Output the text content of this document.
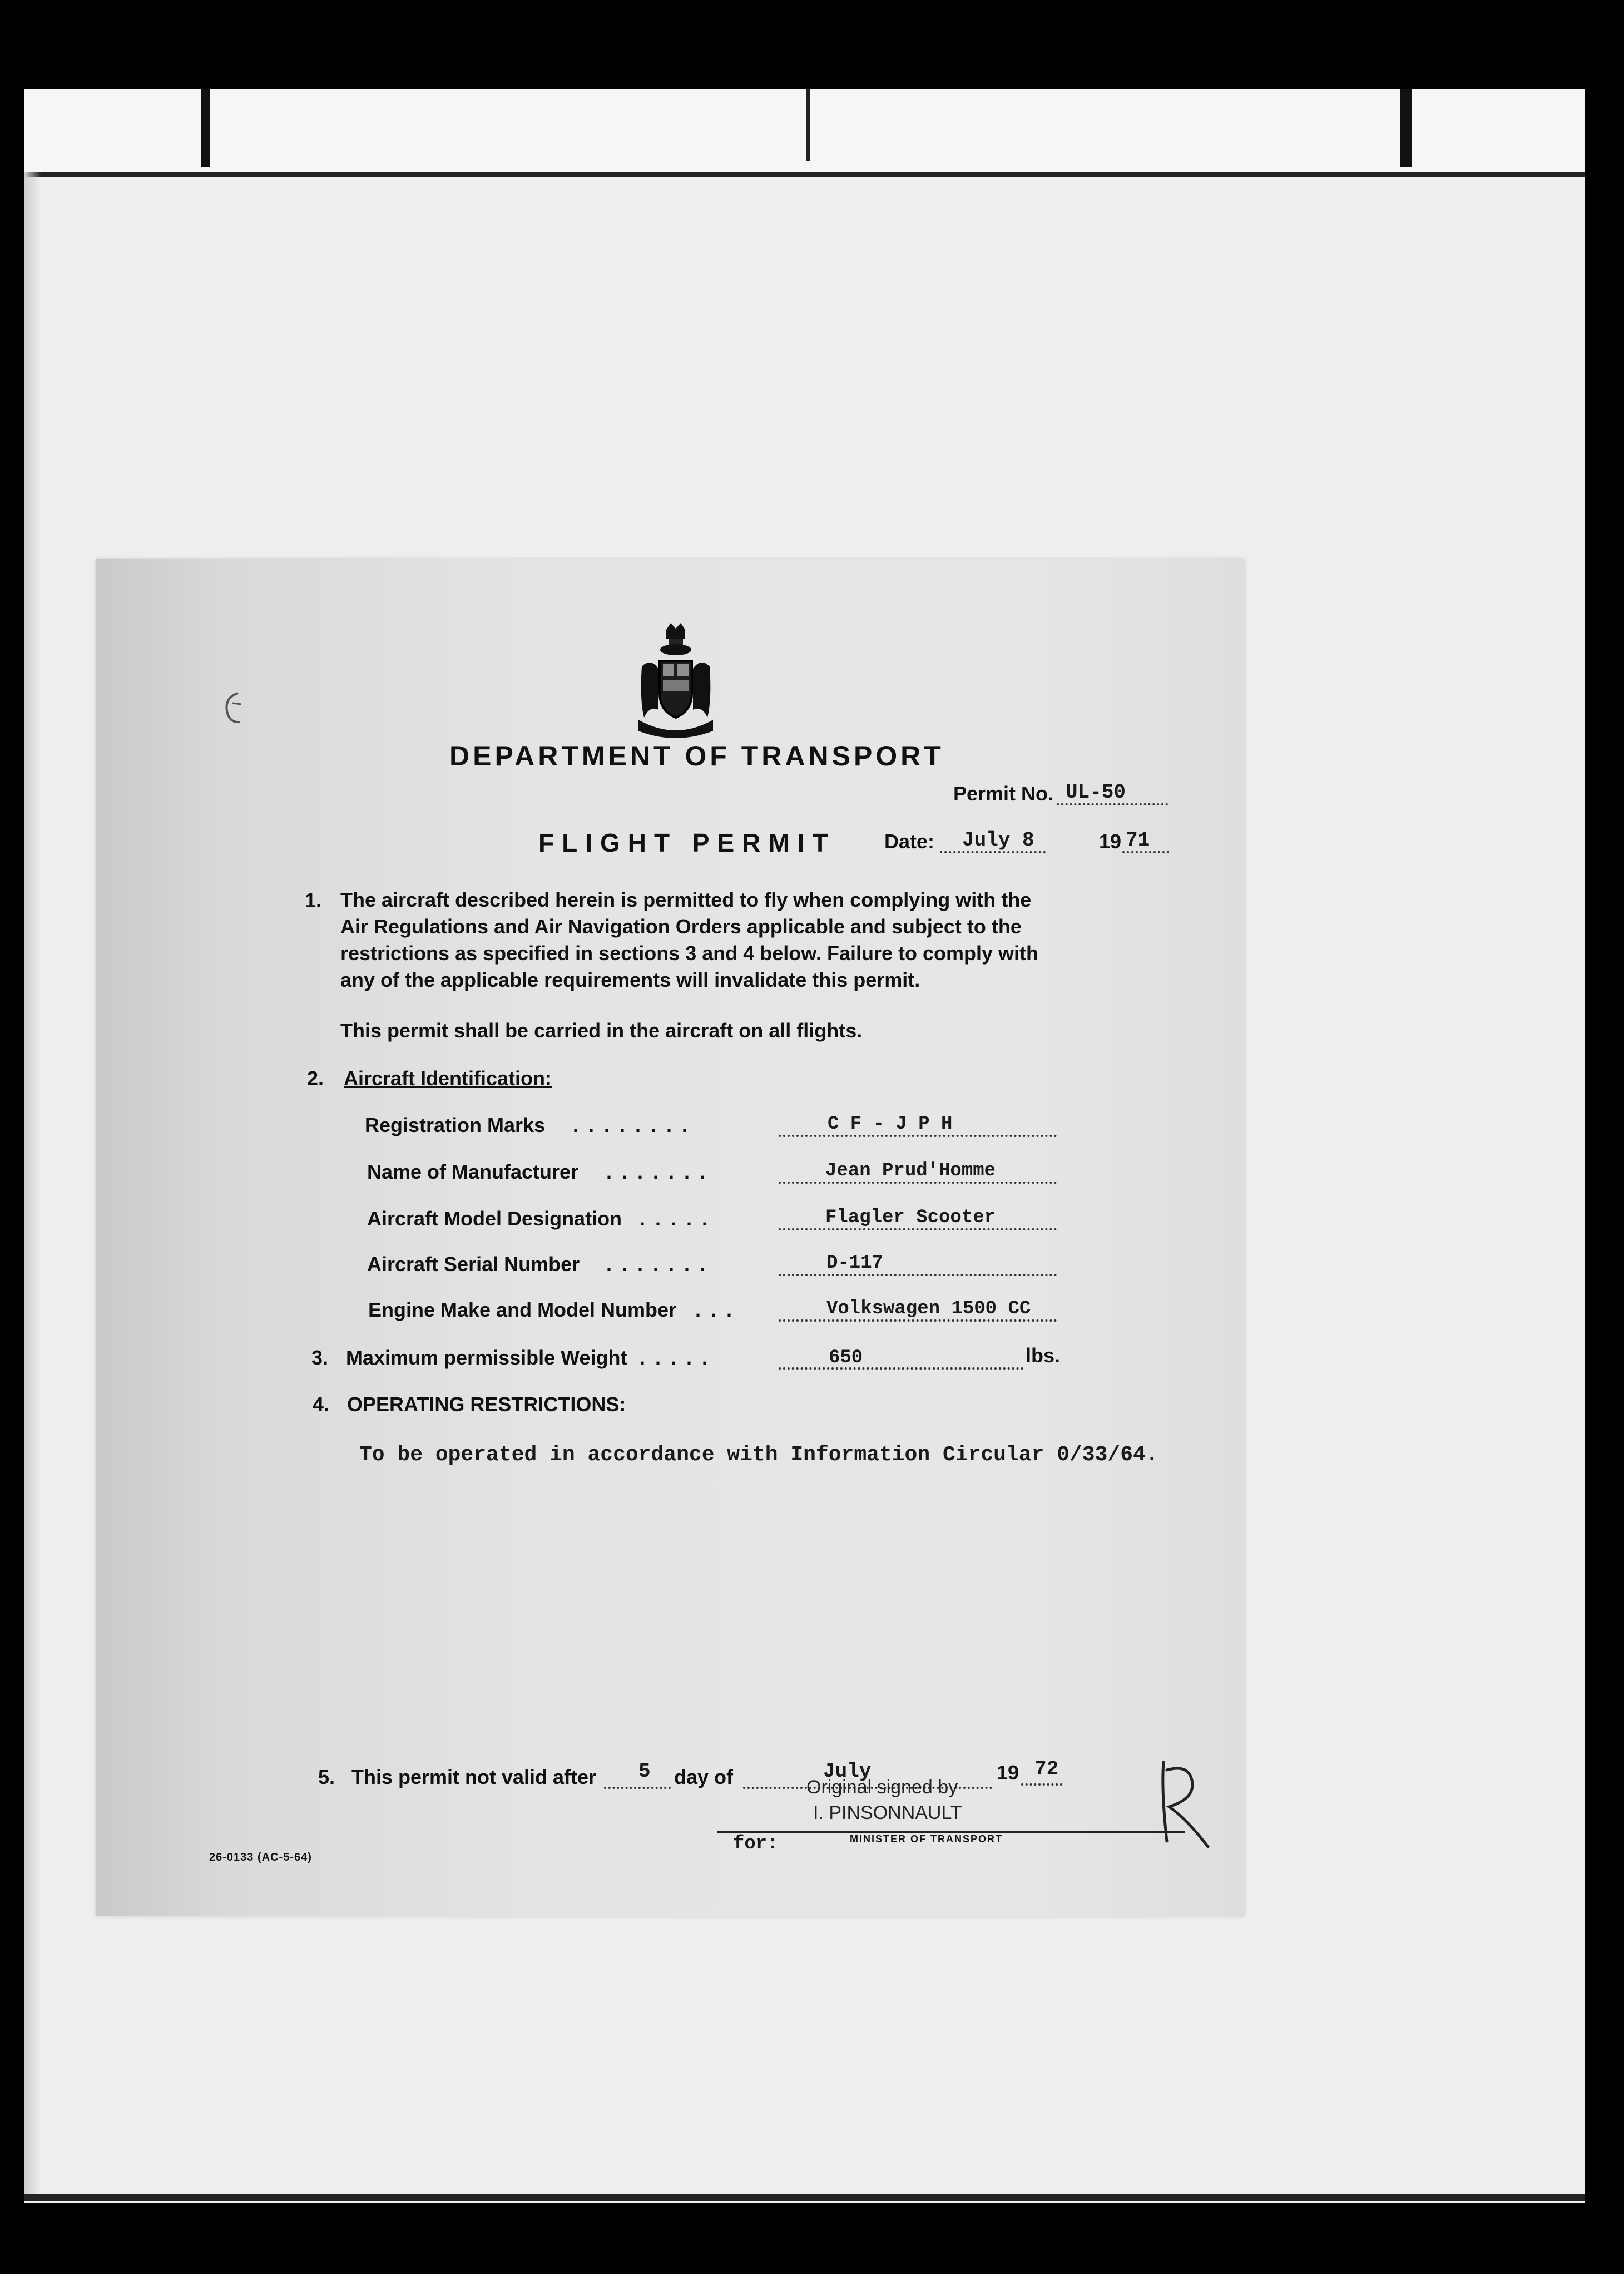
DEPARTMENT OF TRANSPORT
Permit No. UL-50
FLIGHT PERMIT Date: July 8	19 71
1. The aircraft described herein is permitted to fly when complying with the Air Regulations and Air Navigation Orders applicable and subject to the restrictions as specified in sections 3 and 4 below. Failure to comply with any of the applicable requirements will invalidate this permit.
This permit shall be carried in the aircraft on all flights.
2. Aircraft Identification:
Registration Marks . . . . . . . .	C F - J P H
Name of Manufacturer . . . . . . .	Jean Prud'Homme
Aircraft Model Designation . . . . .	Flagler Scooter
Aircraft Serial Number . . . . . . .	D-117
Engine Make and Model Number . . .	Volkswagen 1500 CC
3. Maximum permissible Weight . . . . .	650	lbs.
4. OPERATING RESTRICTIONS:
To be operated in accordance with Information Circular 0/33/64.
5. This permit not valid after 5 day of	July	19 72
Original signed by
I. PINSONNAULT
for:	MINISTER OF TRANSPORT
26-0133 (AC-5-64)
